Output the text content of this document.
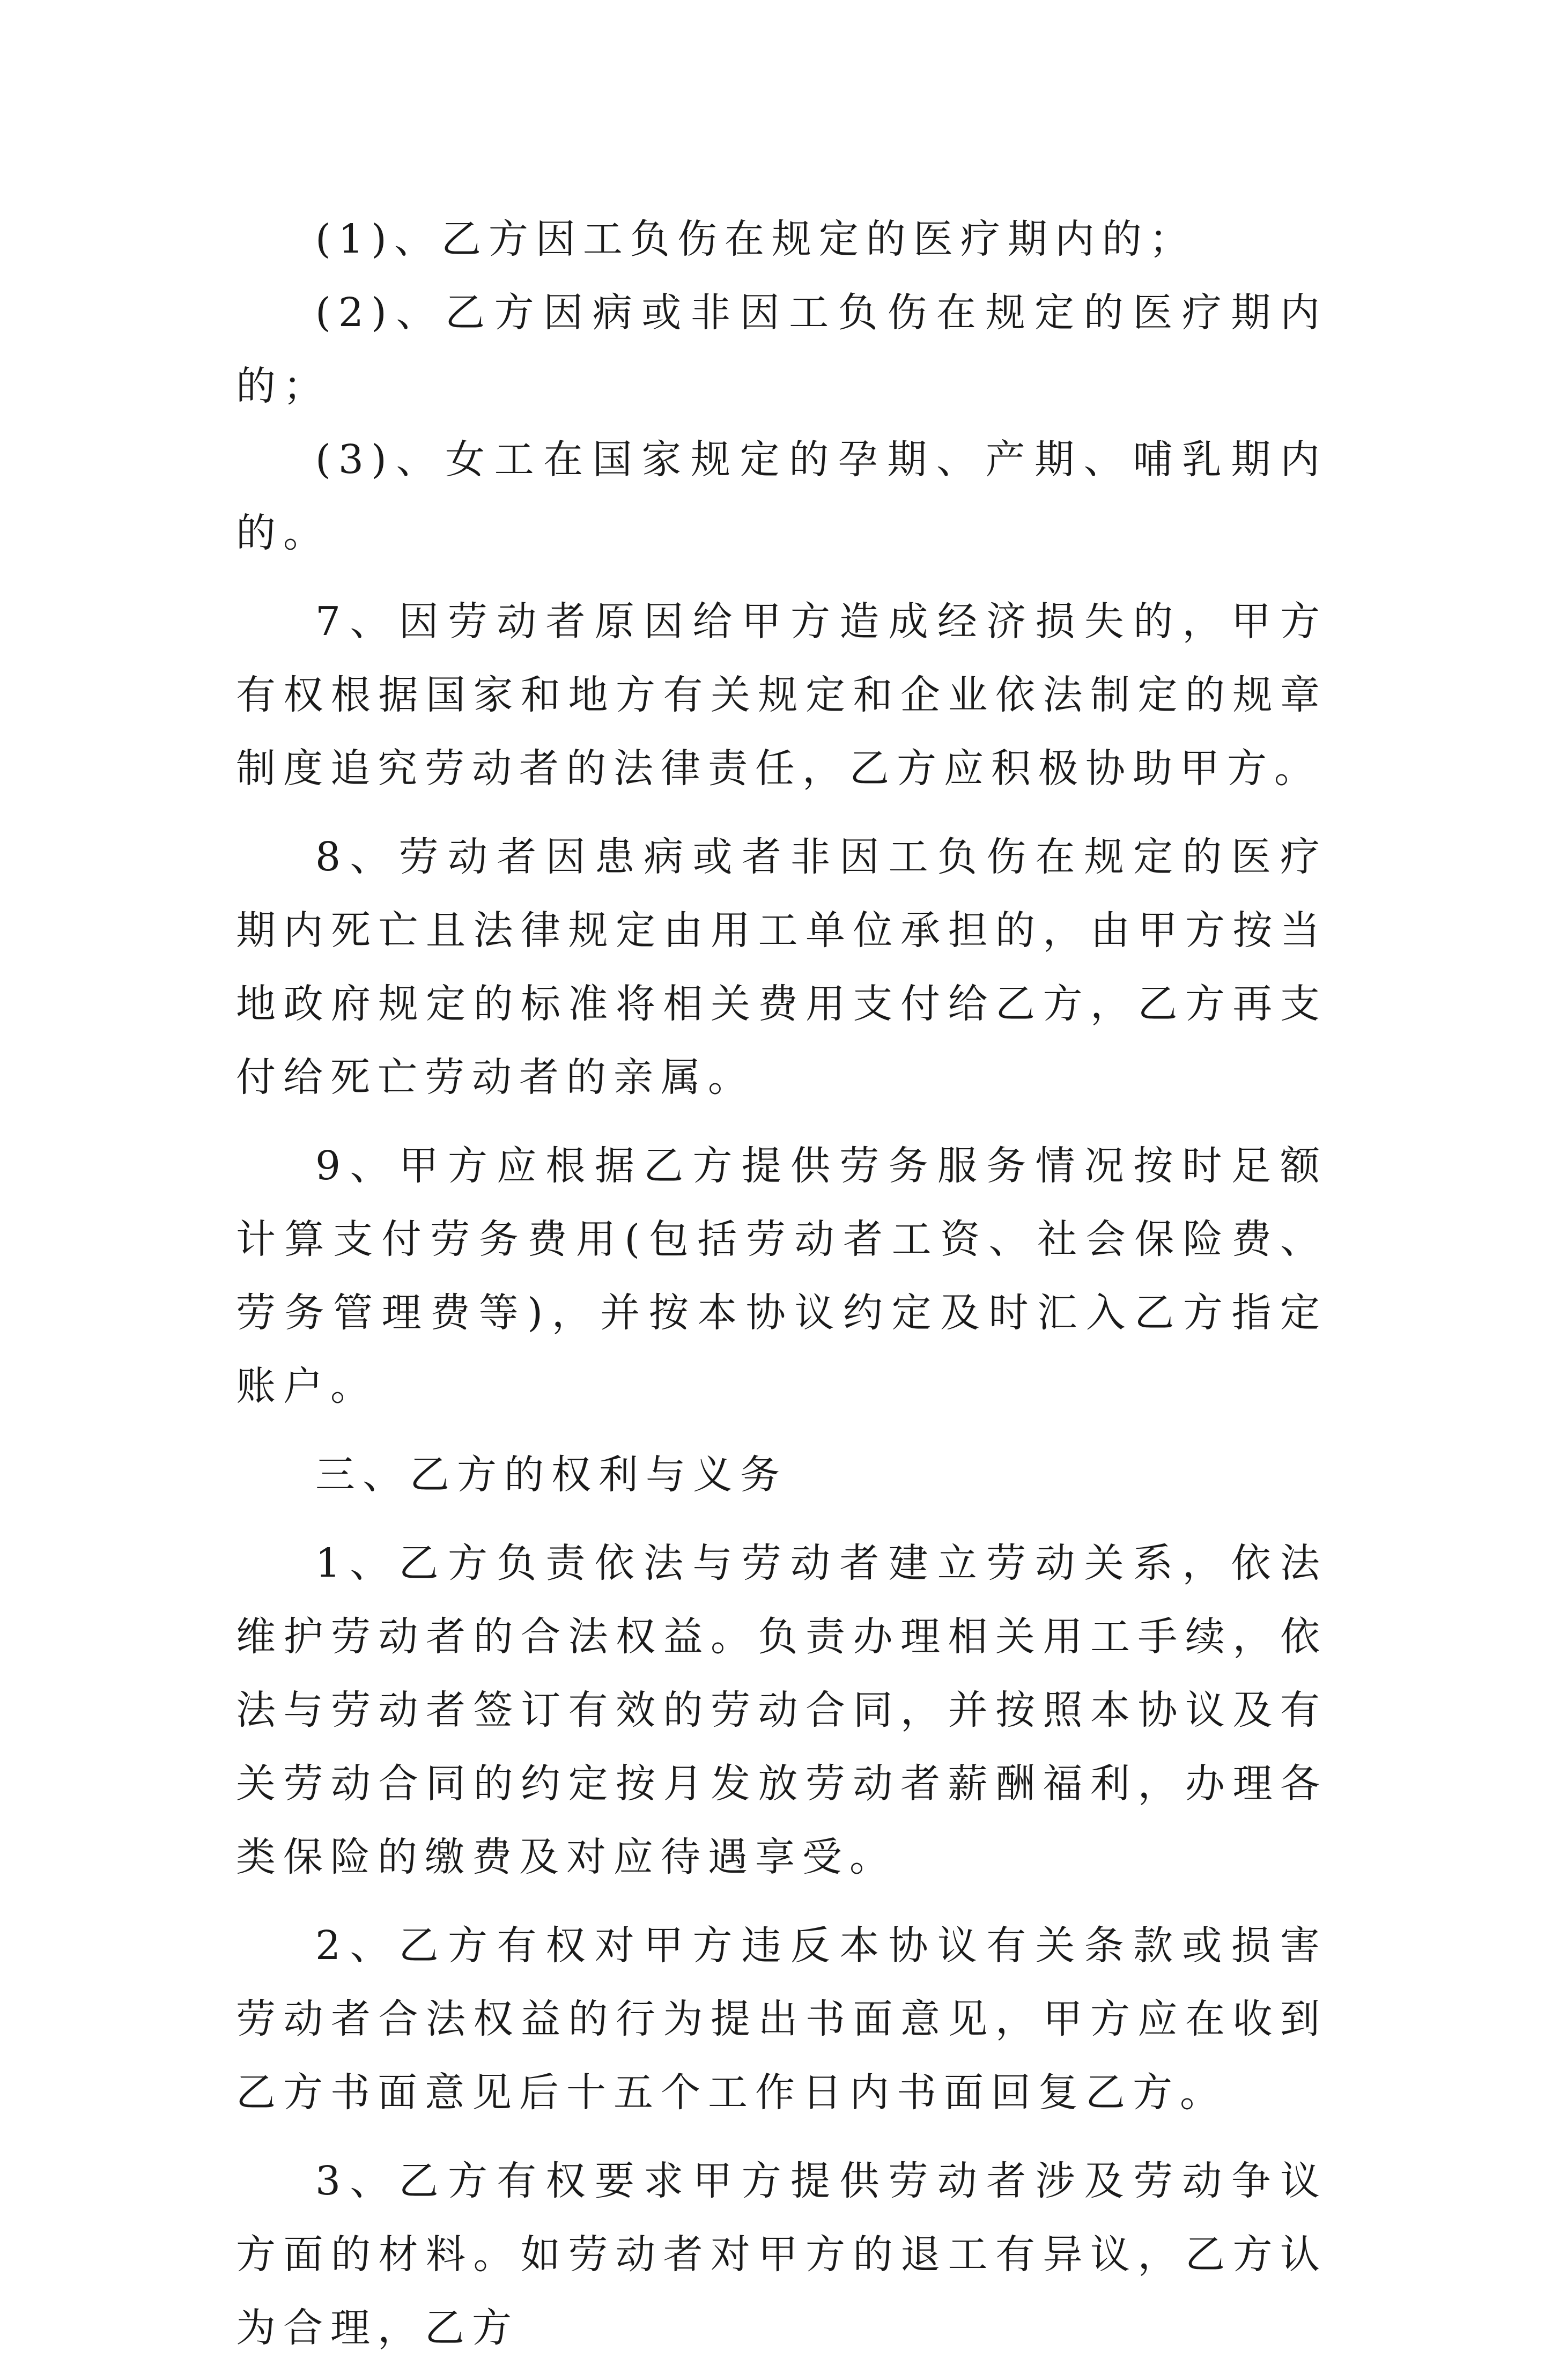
(1)、乙方因工负伤在规定的医疗期内的；

(2)、乙方因病或非因工负伤在规定的医疗期内的；

(3)、女工在国家规定的孕期、产期、哺乳期内的。

7、因劳动者原因给甲方造成经济损失的，甲方有权根据国家和地方有关规定和企业依法制定的规章制度追究劳动者的法律责任，乙方应积极协助甲方。

8、劳动者因患病或者非因工负伤在规定的医疗期内死亡且法律规定由用工单位承担的，由甲方按当地政府规定的标准将相关费用支付给乙方，乙方再支付给死亡劳动者的亲属。

9、甲方应根据乙方提供劳务服务情况按时足额计算支付劳务费用(包括劳动者工资、社会保险费、劳务管理费等)，并按本协议约定及时汇入乙方指定账户。

三、乙方的权利与义务

1、乙方负责依法与劳动者建立劳动关系，依法维护劳动者的合法权益。负责办理相关用工手续，依法与劳动者签订有效的劳动合同，并按照本协议及有关劳动合同的约定按月发放劳动者薪酬福利，办理各类保险的缴费及对应待遇享受。

2、乙方有权对甲方违反本协议有关条款或损害劳动者合法权益的行为提出书面意见，甲方应在收到乙方书面意见后十五个工作日内书面回复乙方。

3、乙方有权要求甲方提供劳动者涉及劳动争议方面的材料。如劳动者对甲方的退工有异议，乙方认为合理，乙方
